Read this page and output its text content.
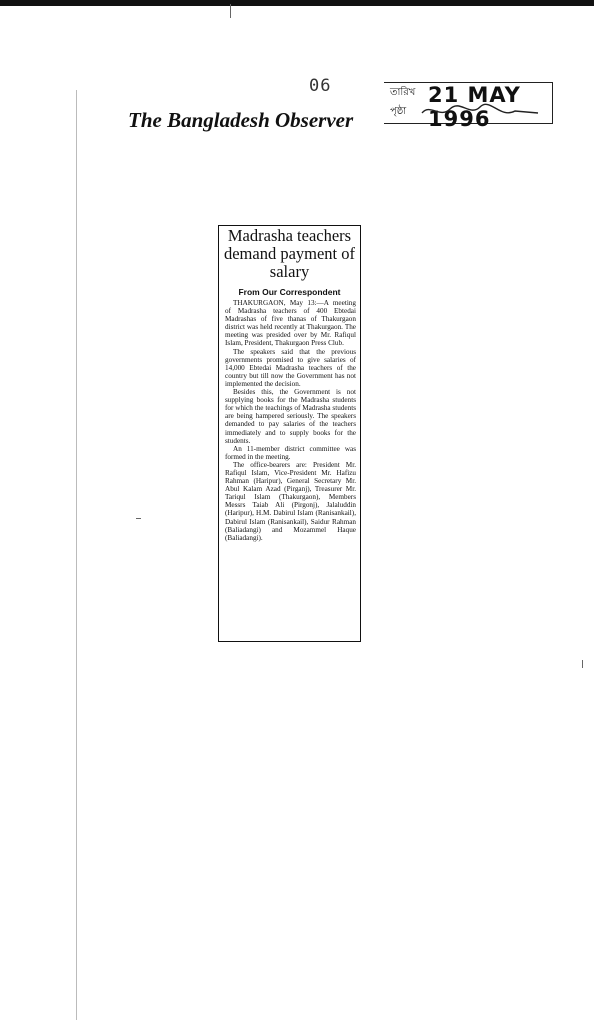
06
The Bangladesh Observer
তারিখ
পৃষ্ঠা
21 MAY 1996
Madrasha teachers demand payment of salary
From Our Correspondent

THAKURGAON, May 13:—A meeting of Madrasha teachers of 400 Ebtedai Madrashas of five thanas of Thakurgaon district was held recently at Thakurgaon. The meeting was presided over by Mr. Rafiqul Islam, President, Thakurgaon Press Club.

The speakers said that the previous governments promised to give salaries of 14,000 Ebtedai Madrasha teachers of the country but till now the Government has not implemented the decision.

Besides this, the Government is not supplying books for the Madrasha students for which the teachings of Madrasha students are being hampered seriously. The speakers demanded to pay salaries of the teachers immediately and to supply books for the students.

An 11-member district committee was formed in the meeting.

The office-bearers are: President Mr. Rafiqul Islam, Vice-President Mr. Hafizu Rahman (Haripur), General Secretary Mr. Abul Kalam Azad (Pirganj), Treasurer Mr. Tariqul Islam (Thakurgaon), Members Messrs Taiab Ali (Pirgonj), Jalaluddin (Haripur), H.M. Dabirul Islam (Ranisankail), Dabirul Islam (Ranisankail), Saidur Rahman (Baliadangi) and Mozammel Haque (Baliadangi).
